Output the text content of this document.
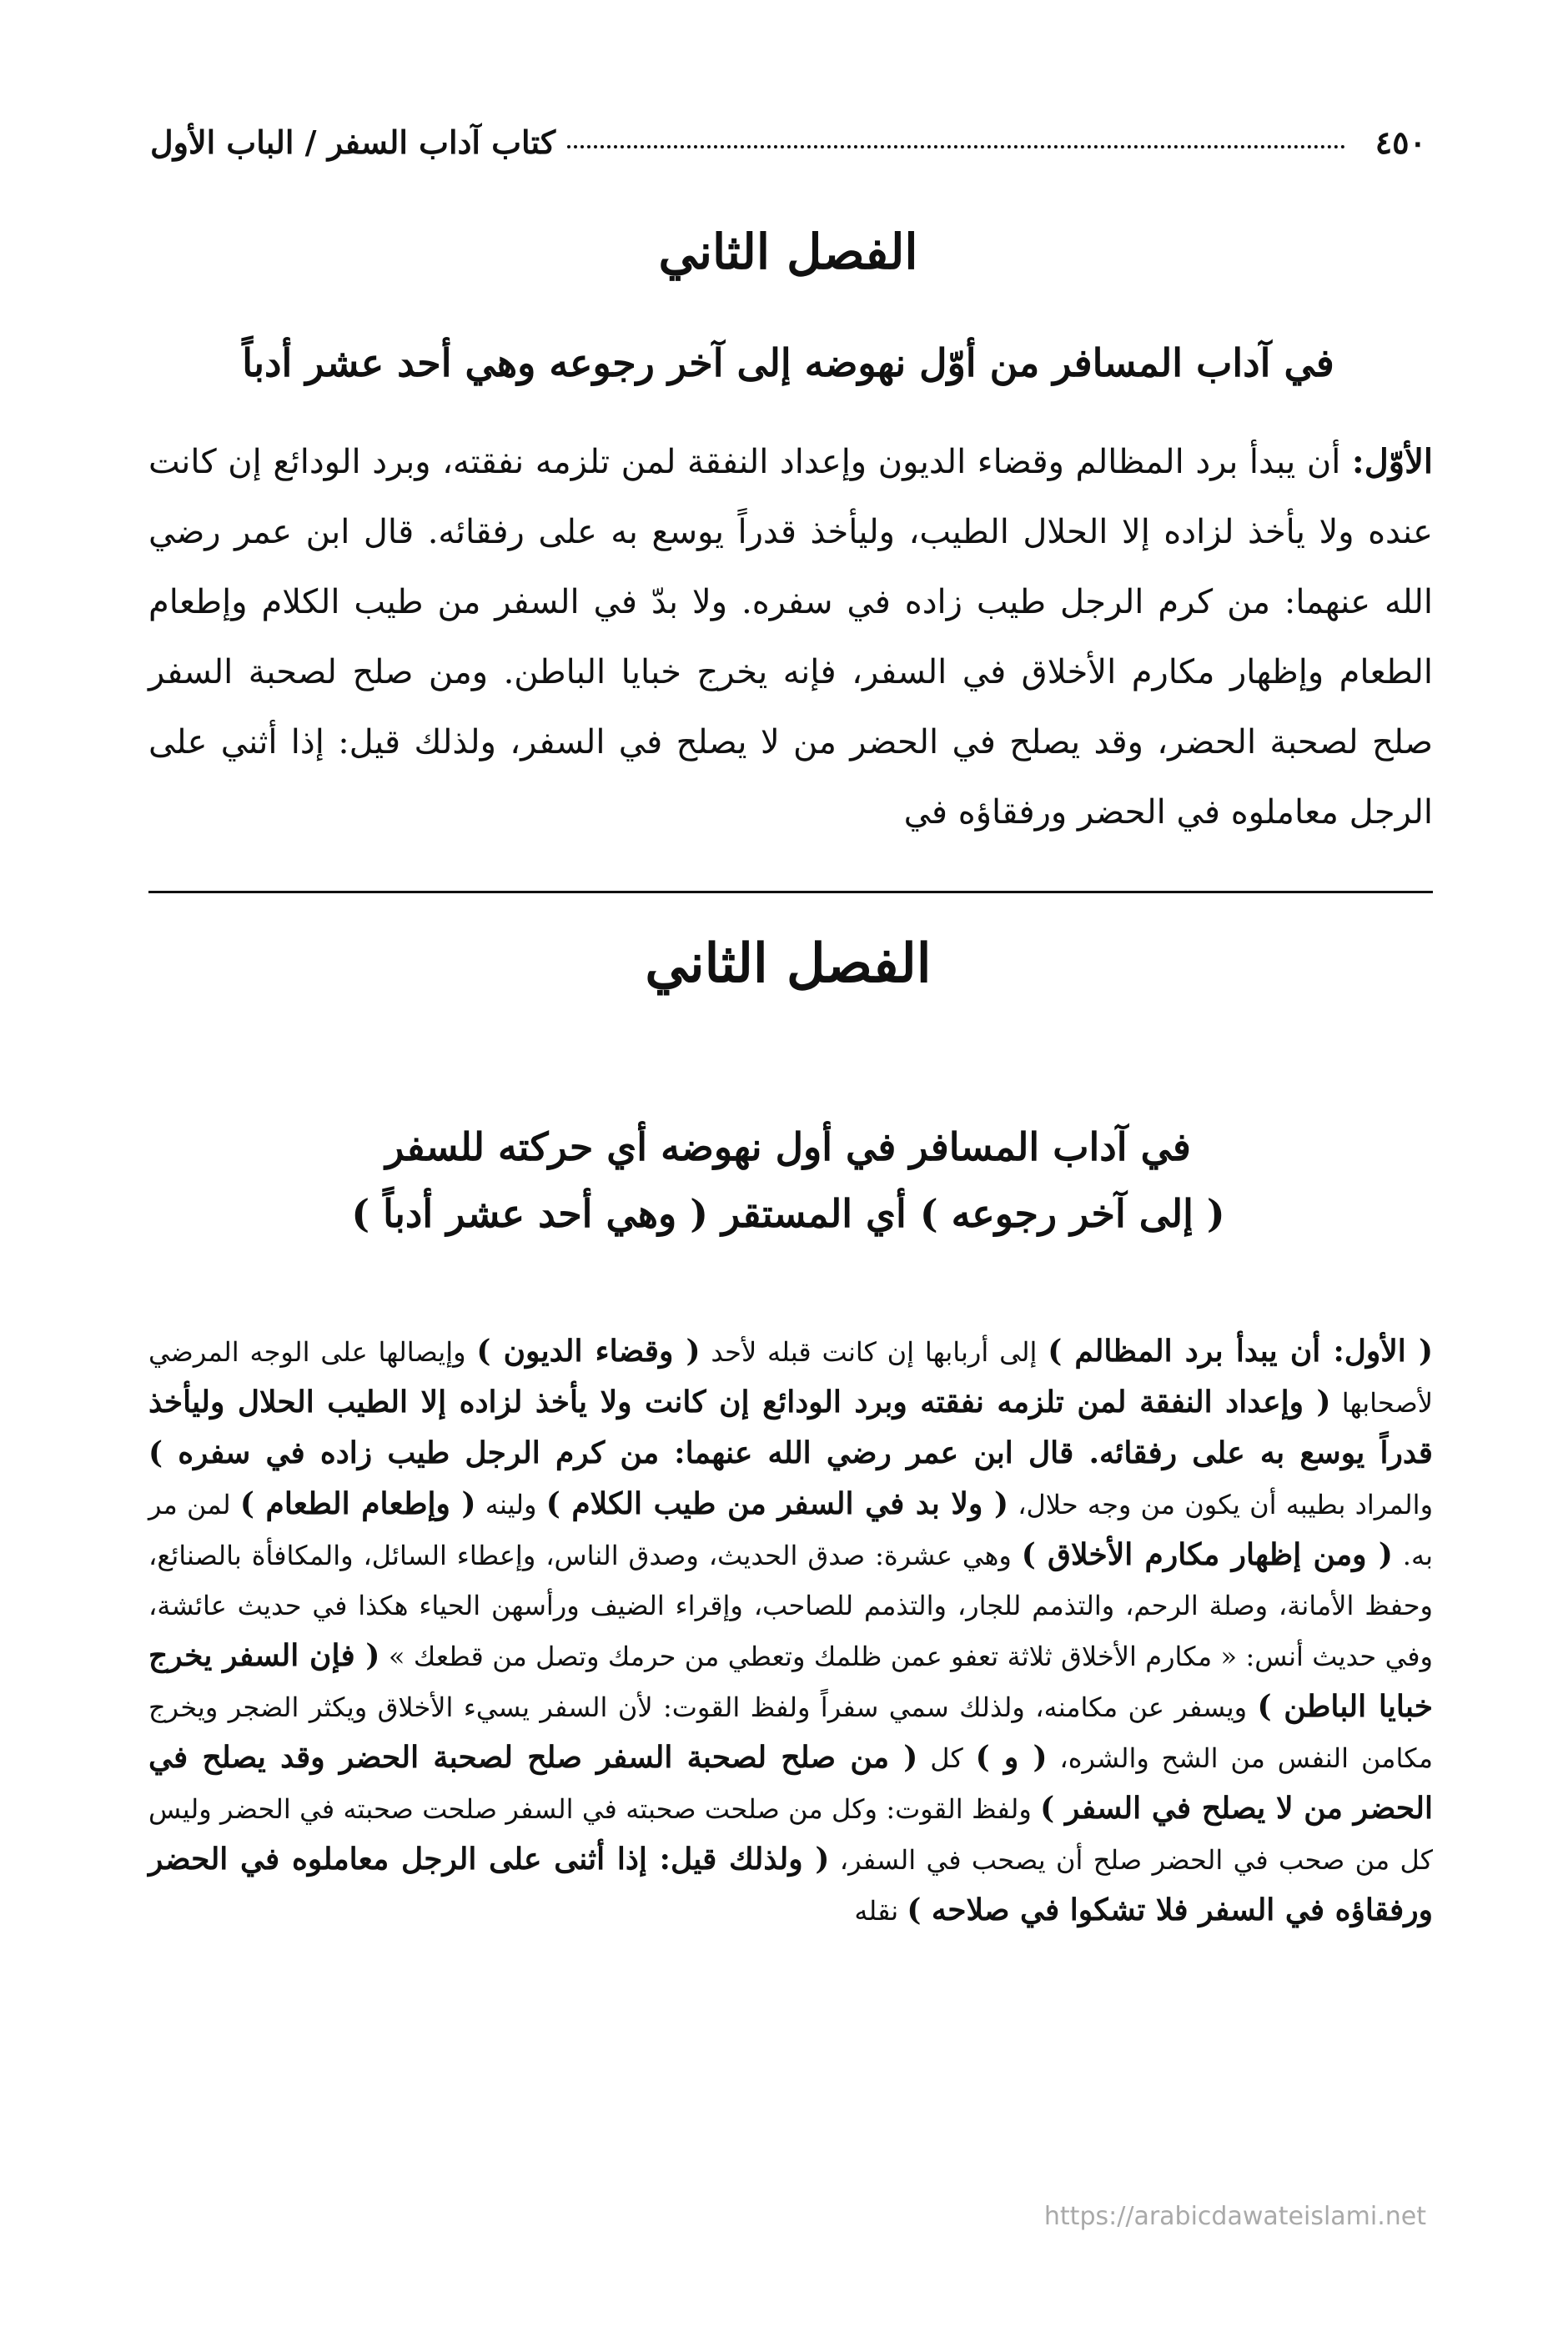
٤٥٠
كتاب آداب السفر / الباب الأول
الفصل الثاني
في آداب المسافر من أوّل نهوضه إلى آخر رجوعه وهي أحد عشر أدباً
الأوّل: أن يبدأ برد المظالم وقضاء الديون وإعداد النفقة لمن تلزمه نفقته، وبرد الودائع إن كانت عنده ولا يأخذ لزاده إلا الحلال الطيب، وليأخذ قدراً يوسع به على رفقائه. قال ابن عمر رضي الله عنهما: من كرم الرجل طيب زاده في سفره. ولا بدّ في السفر من طيب الكلام وإطعام الطعام وإظهار مكارم الأخلاق في السفر، فإنه يخرج خبايا الباطن. ومن صلح لصحبة السفر صلح لصحبة الحضر، وقد يصلح في الحضر من لا يصلح في السفر، ولذلك قيل: إذا أثني على الرجل معاملوه في الحضر ورفقاؤه في
الفصل الثاني
في آداب المسافر في أول نهوضه أي حركته للسفر
( إلى آخر رجوعه ) أي المستقر ( وهي أحد عشر أدباً )
( الأول: أن يبدأ برد المظالم ) إلى أربابها إن كانت قبله لأحد ( وقضاء الديون ) وإيصالها على الوجه المرضي لأصحابها ( وإعداد النفقة لمن تلزمه نفقته وبرد الودائع إن كانت ولا يأخذ لزاده إلا الطيب الحلال وليأخذ قدراً يوسع به على رفقائه. قال ابن عمر رضي الله عنهما: من كرم الرجل طيب زاده في سفره ) والمراد بطيبه أن يكون من وجه حلال، ( ولا بد في السفر من طيب الكلام ) ولينه ( وإطعام الطعام ) لمن مر به. ( ومن إظهار مكارم الأخلاق ) وهي عشرة: صدق الحديث، وصدق الناس، وإعطاء السائل، والمكافأة بالصنائع، وحفظ الأمانة، وصلة الرحم، والتذمم للجار، والتذمم للصاحب، وإقراء الضيف ورأسهن الحياء هكذا في حديث عائشة، وفي حديث أنس: « مكارم الأخلاق ثلاثة تعفو عمن ظلمك وتعطي من حرمك وتصل من قطعك » ( فإن السفر يخرج خبايا الباطن ) ويسفر عن مكامنه، ولذلك سمي سفراً ولفظ القوت: لأن السفر يسيء الأخلاق ويكثر الضجر ويخرج مكامن النفس من الشح والشره، ( و ) كل ( من صلح لصحبة السفر صلح لصحبة الحضر وقد يصلح في الحضر من لا يصلح في السفر ) ولفظ القوت: وكل من صلحت صحبته في السفر صلحت صحبته في الحضر وليس كل من صحب في الحضر صلح أن يصحب في السفر، ( ولذلك قيل: إذا أثنى على الرجل معاملوه في الحضر ورفقاؤه في السفر فلا تشكوا في صلاحه ) نقله
https://arabicdawateislami.net
